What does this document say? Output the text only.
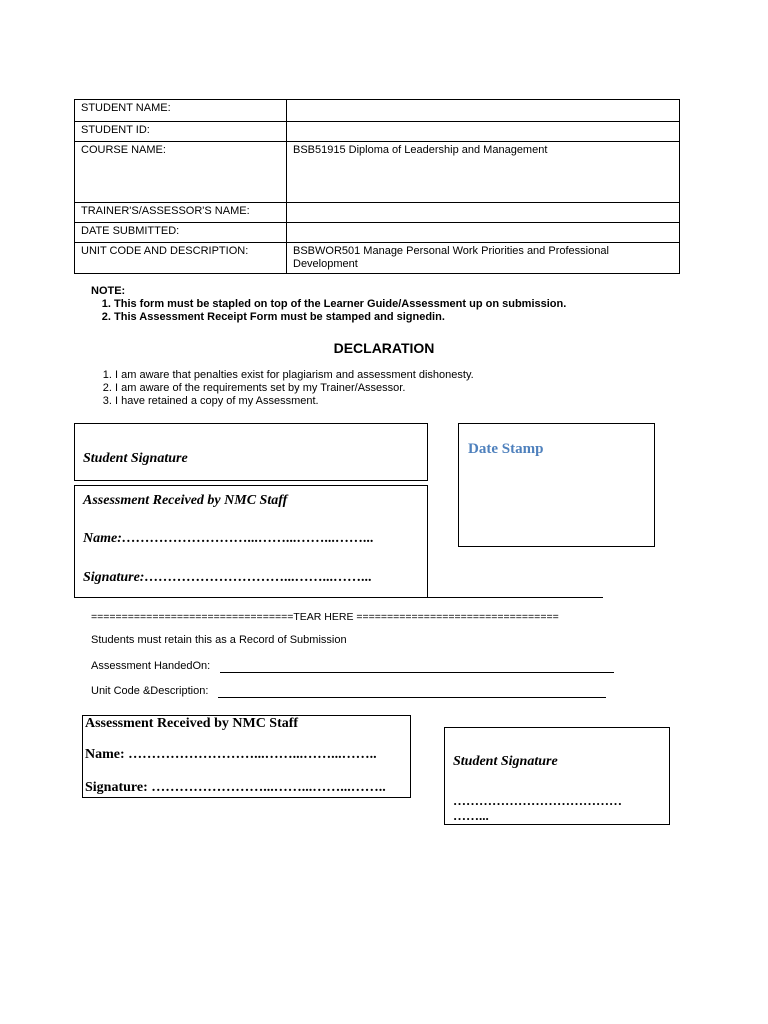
STUDENT NAME:	
STUDENT ID:	
COURSE NAME:	BSB51915 Diploma of Leadership and Management
TRAINER'S/ASSESSOR'S NAME:	
DATE SUBMITTED:	
UNIT CODE AND DESCRIPTION:	BSBWOR501 Manage Personal Work Priorities and Professional Development
NOTE:
1. This form must be stapled on top of the Learner Guide/Assessment up on submission.
2. This Assessment Receipt Form must be stamped and signedin.
DECLARATION
1. I am aware that penalties exist for plagiarism and assessment dishonesty.
2. I am aware of the requirements set by my Trainer/Assessor.
3. I have retained a copy of my Assessment.
Student Signature
Date Stamp
Assessment Received by NMC Staff
Name:………………………...……...……...……...
Signature:…………………………...……...……...
=================================TEAR HERE =================================
Students must retain this as a Record of Submission
Assessment HandedOn:
Unit Code &Description:
Assessment Received by NMC Staff
Name: ………………………...……...……...……..
Signature: ……………………...……...……...……..
Student Signature
…………………………………
……...
